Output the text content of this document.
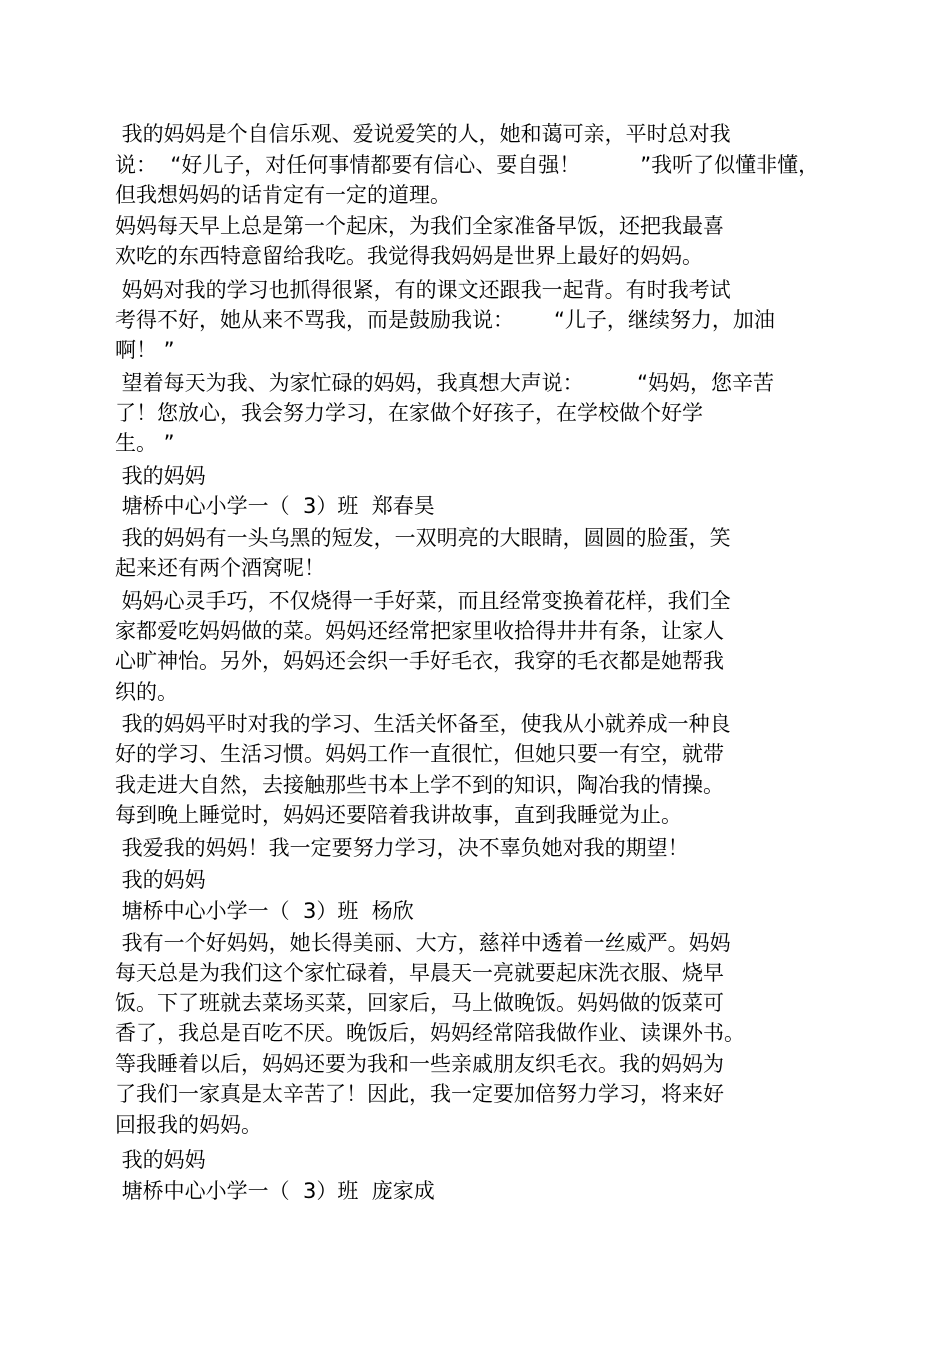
我的妈妈是个自信乐观、爱说爱笑的人，她和蔼可亲，平时总对我
说：  “好儿子，对任何事情都要有信心、要自强！         ”我听了似懂非懂，
但我想妈妈的话肯定有一定的道理。
妈妈每天早上总是第一个起床，为我们全家准备早饭，还把我最喜
欢吃的东西特意留给我吃。我觉得我妈妈是世界上最好的妈妈。
妈妈对我的学习也抓得很紧，有的课文还跟我一起背。有时我考试
考得不好，她从来不骂我，而是鼓励我说：      “儿子，继续努力，加油
啊！ ”
望着每天为我、为家忙碌的妈妈，我真想大声说：        “妈妈，您辛苦
了！您放心，我会努力学习，在家做个好孩子，在学校做个好学
生。 ”
我的妈妈
塘桥中心小学一（  3）班  郑春昊
我的妈妈有一头乌黑的短发，一双明亮的大眼睛，圆圆的脸蛋，笑
起来还有两个酒窝呢！
妈妈心灵手巧，不仅烧得一手好菜，而且经常变换着花样，我们全
家都爱吃妈妈做的菜。妈妈还经常把家里收拾得井井有条，让家人
心旷神怡。另外，妈妈还会织一手好毛衣，我穿的毛衣都是她帮我
织的。
我的妈妈平时对我的学习、生活关怀备至，使我从小就养成一种良
好的学习、生活习惯。妈妈工作一直很忙，但她只要一有空，就带
我走进大自然，去接触那些书本上学不到的知识，陶冶我的情操。
每到晚上睡觉时，妈妈还要陪着我讲故事，直到我睡觉为止。
我爱我的妈妈！我一定要努力学习，决不辜负她对我的期望！
我的妈妈
塘桥中心小学一（  3）班  杨欣
我有一个好妈妈，她长得美丽、大方，慈祥中透着一丝威严。妈妈
每天总是为我们这个家忙碌着，早晨天一亮就要起床洗衣服、烧早
饭。下了班就去菜场买菜，回家后，马上做晚饭。妈妈做的饭菜可
香了，我总是百吃不厌。晚饭后，妈妈经常陪我做作业、读课外书。
等我睡着以后，妈妈还要为我和一些亲戚朋友织毛衣。我的妈妈为
了我们一家真是太辛苦了！因此，我一定要加倍努力学习，将来好
回报我的妈妈。
我的妈妈
塘桥中心小学一（  3）班  庞家成
